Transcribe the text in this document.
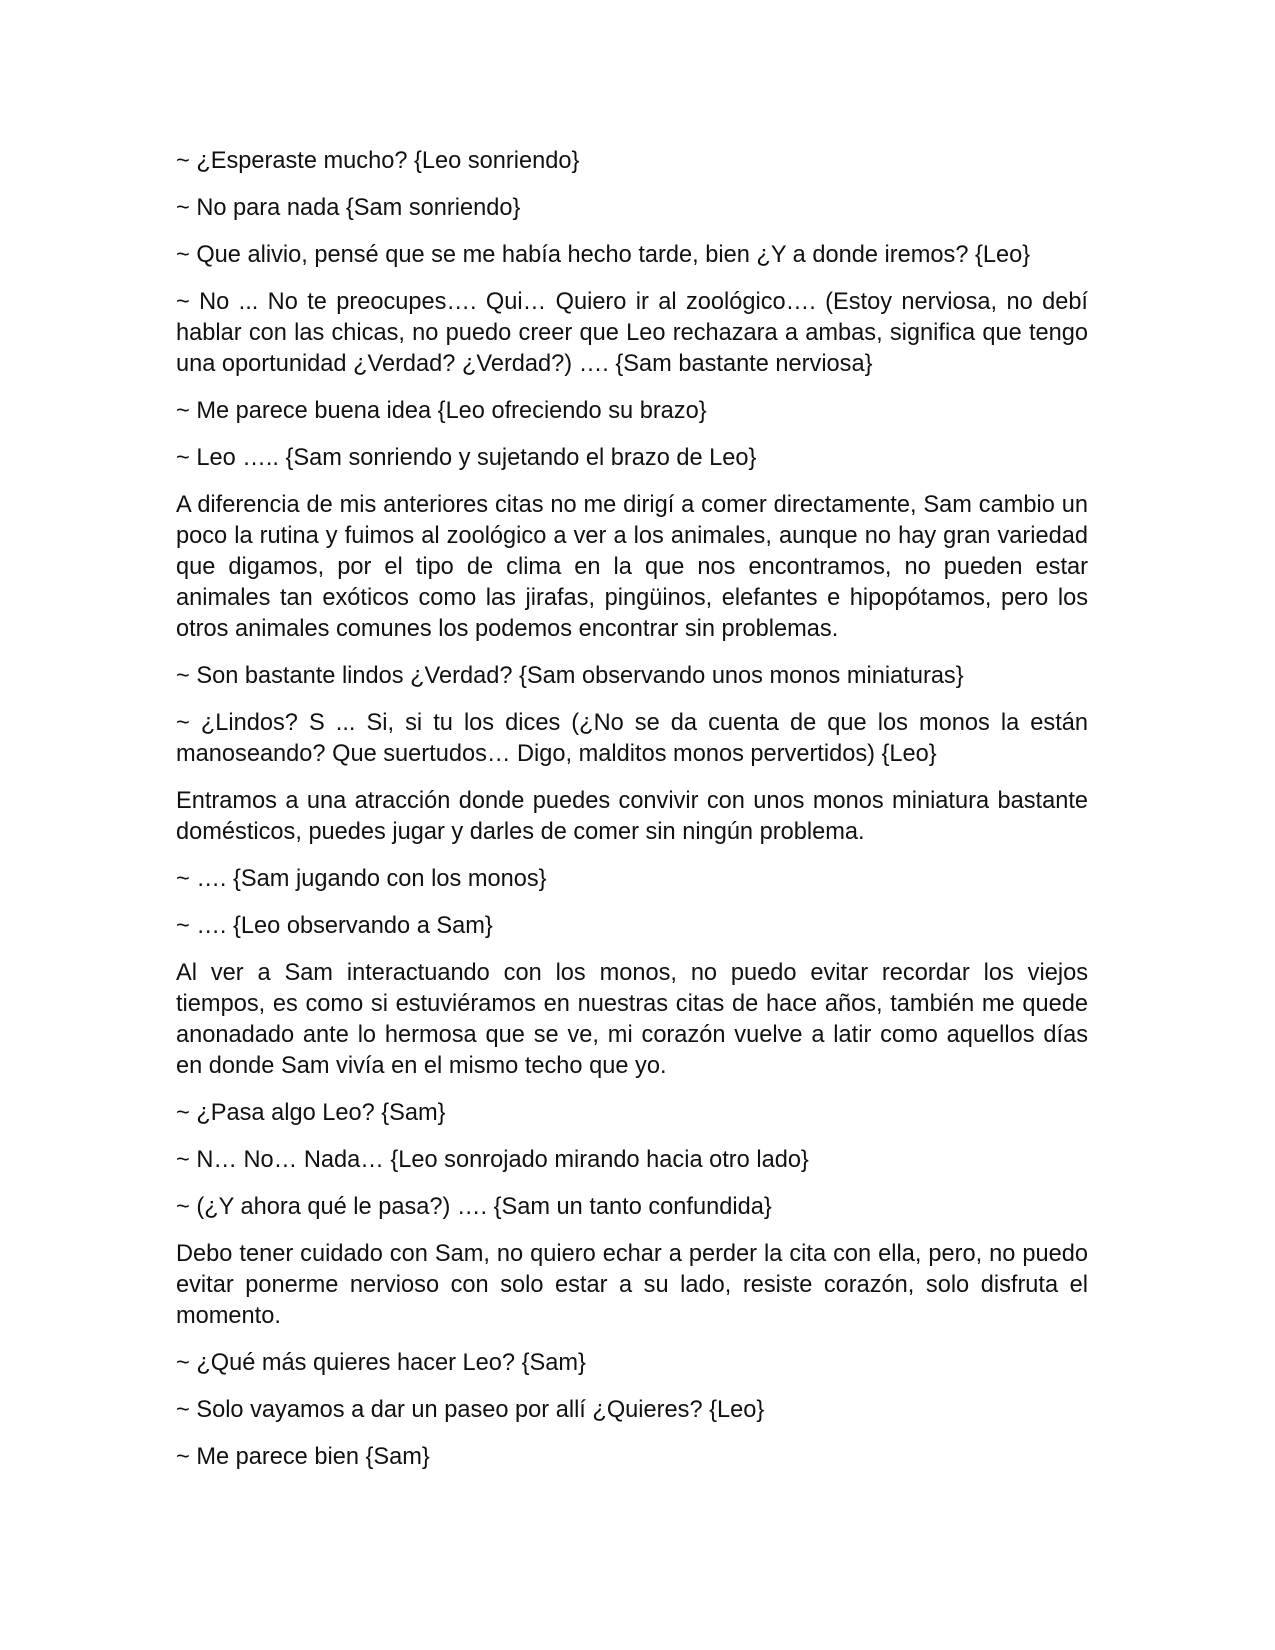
~ ¿Esperaste mucho? {Leo sonriendo}

~ No para nada {Sam sonriendo}

~ Que alivio, pensé que se me había hecho tarde, bien ¿Y a donde iremos? {Leo}

~ No ... No te preocupes…. Qui… Quiero ir al zoológico…. (Estoy nerviosa, no debí hablar con las chicas, no puedo creer que Leo rechazara a ambas, significa que tengo una oportunidad ¿Verdad? ¿Verdad?) …. {Sam bastante nerviosa}

~ Me parece buena idea {Leo ofreciendo su brazo}

~ Leo ….. {Sam sonriendo y sujetando el brazo de Leo}

A diferencia de mis anteriores citas no me dirigí a comer directamente, Sam cambio un poco la rutina y fuimos al zoológico a ver a los animales, aunque no hay gran variedad que digamos, por el tipo de clima en la que nos encontramos, no pueden estar animales tan exóticos como las jirafas, pingüinos, elefantes e hipopótamos, pero los otros animales comunes los podemos encontrar sin problemas.

~ Son bastante lindos ¿Verdad? {Sam observando unos monos miniaturas}

~ ¿Lindos? S ... Si, si tu los dices (¿No se da cuenta de que los monos la están manoseando? Que suertudos… Digo, malditos monos pervertidos) {Leo}

Entramos a una atracción donde puedes convivir con unos monos miniatura bastante domésticos, puedes jugar y darles de comer sin ningún problema.

~ …. {Sam jugando con los monos}

~ …. {Leo observando a Sam}

Al ver a Sam interactuando con los monos, no puedo evitar recordar los viejos tiempos, es como si estuviéramos en nuestras citas de hace años, también me quede anonadado ante lo hermosa que se ve, mi corazón vuelve a latir como aquellos días en donde Sam vivía en el mismo techo que yo.

~ ¿Pasa algo Leo? {Sam}

~ N… No… Nada… {Leo sonrojado mirando hacia otro lado}

~ (¿Y ahora qué le pasa?) …. {Sam un tanto confundida}

Debo tener cuidado con Sam, no quiero echar a perder la cita con ella, pero, no puedo evitar ponerme nervioso con solo estar a su lado, resiste corazón, solo disfruta el momento.

~ ¿Qué más quieres hacer Leo? {Sam}

~ Solo vayamos a dar un paseo por allí ¿Quieres? {Leo}

~ Me parece bien {Sam}
